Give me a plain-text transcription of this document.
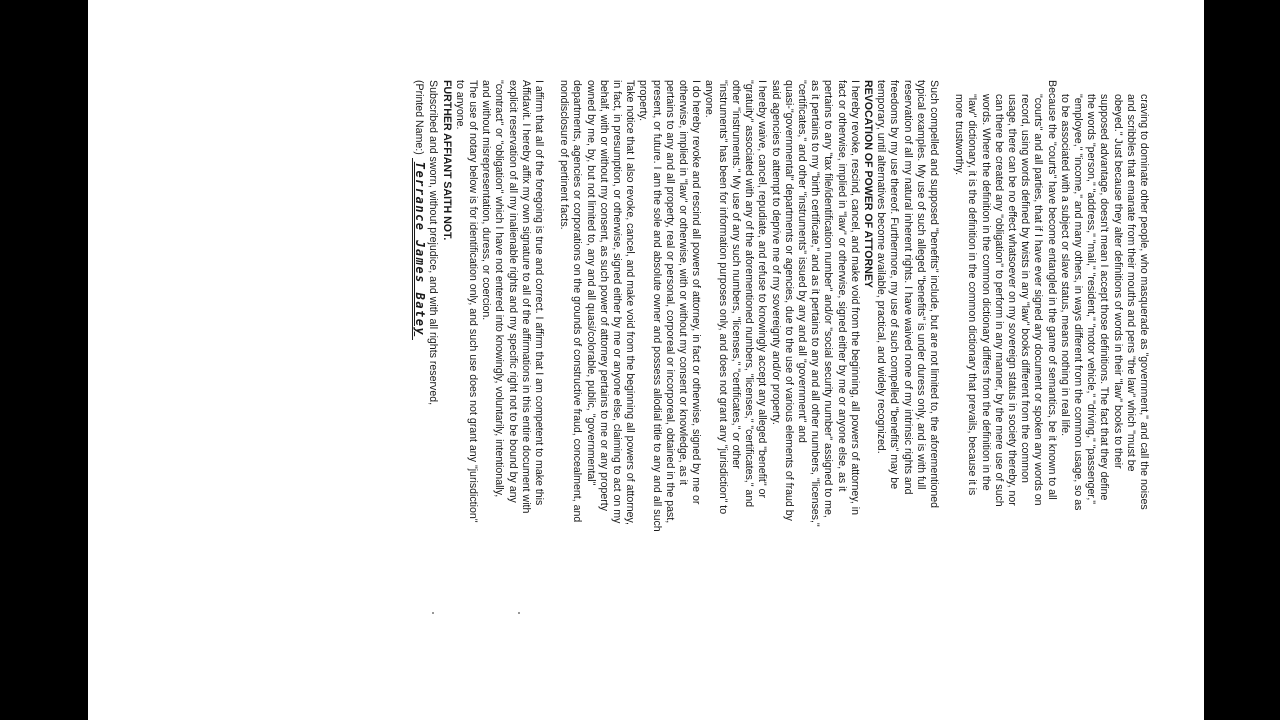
craving to dominate other people, who masquerade as "government," and call the noises

and scribbles that emanate from their mouths and pens "the law" which "must be

obeyed." Just because they alter definitions of words in their "law" books to their

supposed advantage, doesn't mean I accept those definitions. The fact that they define

the words "person," "address," "mail," "resident," "motor vehicle," "driving," "passenger,"

"employee," "income," and many others, in ways different from the common usage, so as

to be associated with a subject or slave status, means nothing in real life.

Because the "courts" have become entangled in the game of semantics, be it known to all

"courts" and all parties, that if I have ever signed any document or spoken any words on

record, using words defined by twists in any "law" books different from the common

usage, there can be no effect whatsoever on my sovereign status in society thereby, nor

can there be created any "obligation" to perform in any manner, by the mere use of such

words. Where the definition in the common dictionary differs from the definition in the

"law" dictionary, it is the definition in the common dictionary that prevails, because it is

more trustworthy.

Such compelled and supposed "benefits" include, but are not limited to, the aforementioned

typical examples. My use of such alleged "benefits" is under duress only, and is with full

reservation of all my natural inherent rights. I have waived none of my intrinsic rights and

freedoms by my use thereof. Furthermore, my use of such compelled "benefits" may be

temporary, until alternatives become available, practical, and widely recognized.

REVOCATION OF POWER OF ATTORNEY

I hereby revoke, rescind, cancel, and make void from the beginning, all powers of attorney, in

fact or otherwise, implied in "law" or otherwise, signed either by me or anyone else, as it

pertains to any "tax file/identification number" and/or "social security number" assigned to me,

as it pertains to my "birth certificate," and as it pertains to any and all other numbers, "licenses,"

"certificates," and other "instruments" issued by any and all "government" and

quasi-"governmental" departments or agencies, due to the use of various elements of fraud by

said agencies to attempt to deprive me of my sovereignty and/or property.

I hereby waive, cancel, repudiate, and refuse to knowingly accept any alleged "benefit" or

"gratuity" associated with any of the aforementioned numbers, "licenses," "certificates," and

other "instruments." My use of any such numbers, "licenses," "certificates," or other

"instruments" has been for information purposes only, and does not grant any "jurisdiction" to

anyone.

I do hereby revoke and rescind all powers of attorney, in fact or otherwise, signed by me or

otherwise, implied in "law" or otherwise, with or without my consent or knowledge, as it

pertains to any and all property, real or personal, corporeal or incorporeal, obtained in the past,

present, or future. I am the sole and absolute owner and possess allodial title to any and all such

property.

Take notice that I also revoke, cancel, and make void from the beginning all powers of attorney,

in fact, in presumption, or otherwise, signed either by me or anyone else, claiming to act on my

behalf, with or without my consent, as such power of attorney pertains to me or any property

owned by me, by, but not limited to, any and all quasi/colorable, public, "governmental"

departments, agencies or corporations on the grounds of constructive fraud, concealment, and

nondisclosure of pertinent facts.

I affirm that all of the foregoing is true and correct. I affirm that I am competent to make this

Affidavit. I hereby affix my own signature to all of the affirmations in this entire document with

explicit reservation of all my inalienable rights and my specific right not to be bound by any

"contract" or "obligation" which I have not entered into knowingly, voluntarily, intentionally,

and without misrepresentation, duress, or coercion.

The use of notary below is for identification only, and such use does not grant any "jurisdiction"

to anyone.

FURTHER AFFIANT SAITH NOT.

Subscribed and sworn, without prejudice, and with all rights reserved,

(Printed Name:) Terrance James Batey
